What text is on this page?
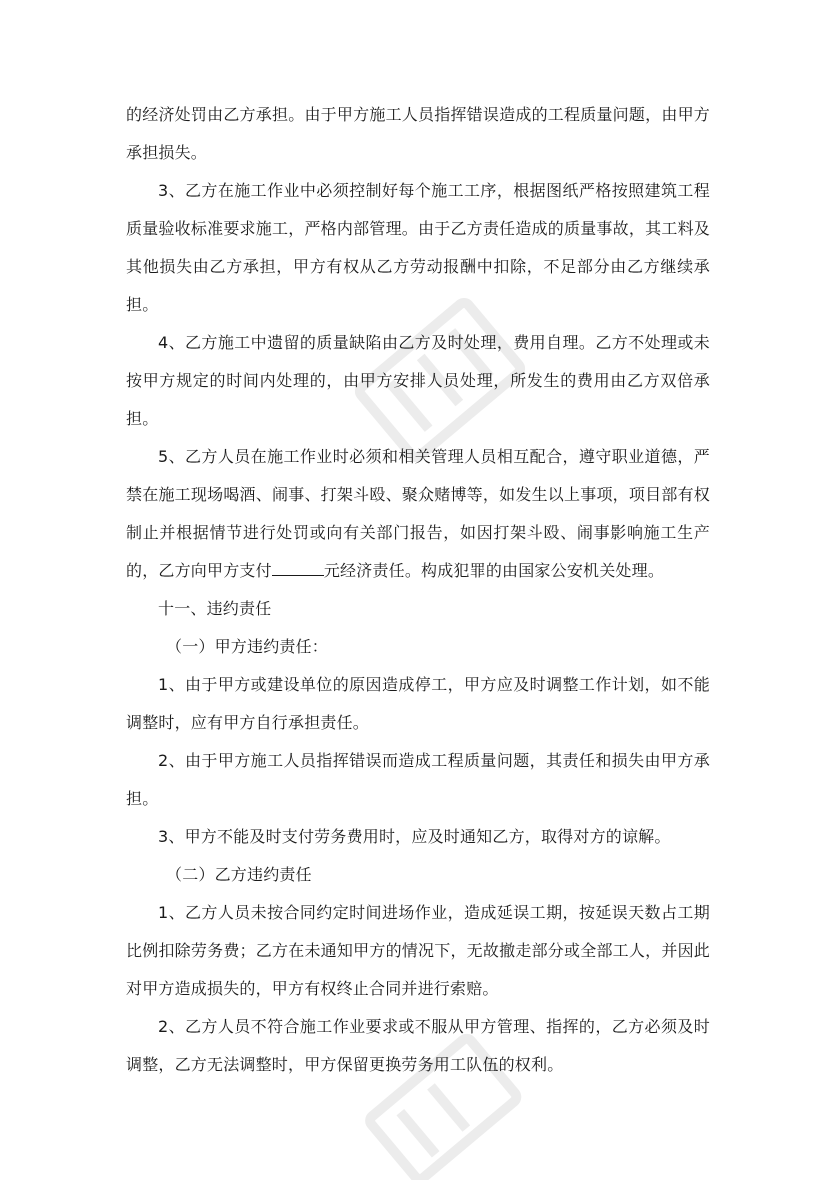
的经济处罚由乙方承担。由于甲方施工人员指挥错误造成的工程质量问题，由甲方承担损失。

3、乙方在施工作业中必须控制好每个施工工序，根据图纸严格按照建筑工程质量验收标准要求施工，严格内部管理。由于乙方责任造成的质量事故，其工料及其他损失由乙方承担，甲方有权从乙方劳动报酬中扣除，不足部分由乙方继续承担。

4、乙方施工中遗留的质量缺陷由乙方及时处理，费用自理。乙方不处理或未按甲方规定的时间内处理的，由甲方安排人员处理，所发生的费用由乙方双倍承担。

5、乙方人员在施工作业时必须和相关管理人员相互配合，遵守职业道德，严禁在施工现场喝酒、闹事、打架斗殴、聚众赌博等，如发生以上事项，项目部有权制止并根据情节进行处罚或向有关部门报告，如因打架斗殴、闹事影响施工生产的，乙方向甲方支付	元经济责任。构成犯罪的由国家公安机关处理。

十一、违约责任

（一）甲方违约责任：

1、由于甲方或建设单位的原因造成停工，甲方应及时调整工作计划，如不能调整时，应有甲方自行承担责任。

2、由于甲方施工人员指挥错误而造成工程质量问题，其责任和损失由甲方承担。

3、甲方不能及时支付劳务费用时，应及时通知乙方，取得对方的谅解。

（二）乙方违约责任

1、乙方人员未按合同约定时间进场作业，造成延误工期，按延误天数占工期比例扣除劳务费；乙方在未通知甲方的情况下，无故撤走部分或全部工人，并因此对甲方造成损失的，甲方有权终止合同并进行索赔。

2、乙方人员不符合施工作业要求或不服从甲方管理、指挥的，乙方必须及时调整，乙方无法调整时，甲方保留更换劳务用工队伍的权利。
